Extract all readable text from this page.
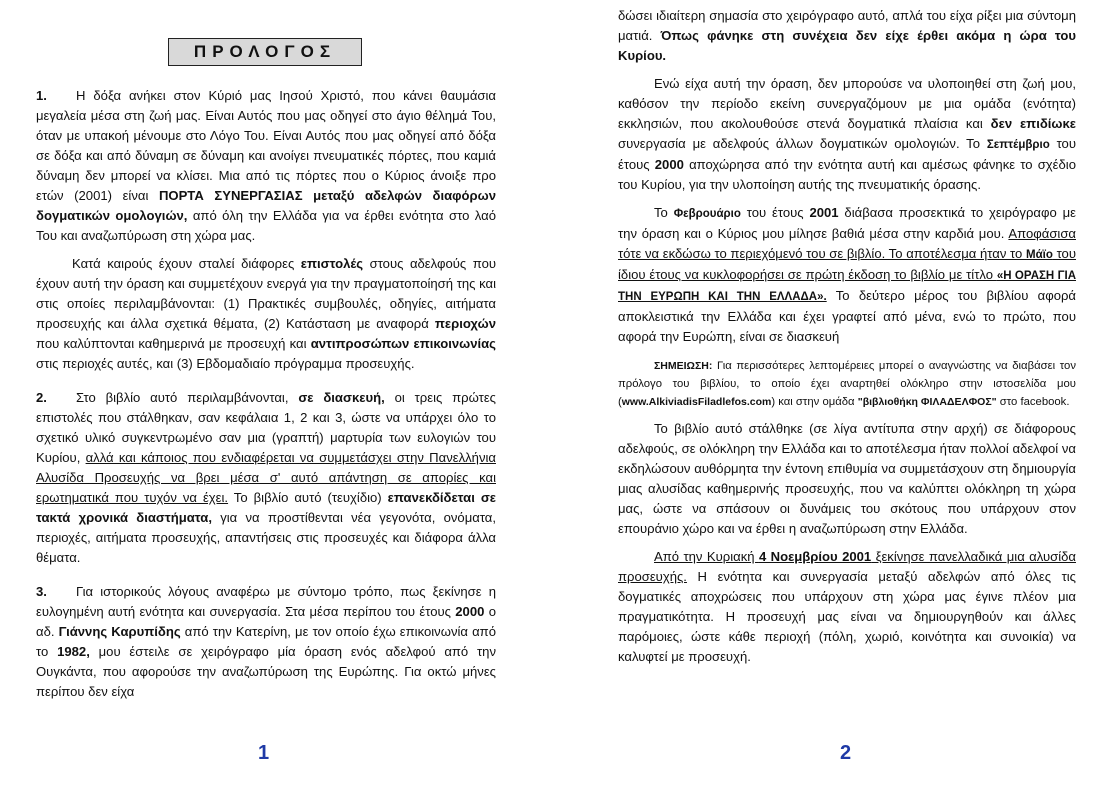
ΠΡΟΛΟΓΟΣ

1. Η δόξα ανήκει στον Κύριό μας Ιησού Χριστό, που κάνει θαυμάσια μεγαλεία μέσα στη ζωή μας. Είναι Αυτός που μας οδηγεί στο άγιο θέλημά Του, όταν με υπακοή μένουμε στο Λόγο Του. Είναι Αυτός που μας οδηγεί από δόξα σε δόξα και από δύναμη σε δύναμη και ανοίγει πνευματικές πόρτες, που καμιά δύναμη δεν μπορεί να κλίσει. Μια από τις πόρτες που ο Κύριος άνοιξε προ ετών (2001) είναι ΠΟΡΤΑ ΣΥΝΕΡΓΑΣΙΑΣ μεταξύ αδελφών διαφόρων δογματικών ομολογιών, από όλη την Ελλάδα για να έρθει ενότητα στο λαό Του και αναζωπύρωση στη χώρα μας.

Κατά καιρούς έχουν σταλεί διάφορες επιστολές στους αδελφούς που έχουν αυτή την όραση και συμμετέχουν ενεργά για την πραγματοποίησή της και στις οποίες περιλαμβάνονται: (1) Πρακτικές συμβουλές, οδηγίες, αιτήματα προσευχής και άλλα σχετικά θέματα, (2) Κατάσταση με αναφορά περιοχών που καλύπτονται καθημερινά με προσευχή και αντιπροσώπων επικοινωνίας στις περιοχές αυτές, και (3) Εβδομαδιαίο πρόγραμμα προσευχής.

2. Στο βιβλίο αυτό περιλαμβάνονται, σε διασκευή, οι τρεις πρώτες επιστολές που στάλθηκαν, σαν κεφάλαια 1, 2 και 3, ώστε να υπάρχει όλο το σχετικό υλικό συγκεντρωμένο σαν μια (γραπτή) μαρτυρία των ευλογιών του Κυρίου, αλλά και κάποιος που ενδιαφέρεται να συμμετάσχει στην Πανελλήνια Αλυσίδα Προσευχής να βρει μέσα σ' αυτό απάντηση σε απορίες και ερωτηματικά που τυχόν να έχει. Το βιβλίο αυτό (τευχίδιο) επανεκδίδεται σε τακτά χρονικά διαστήματα, για να προστίθενται νέα γεγονότα, ονόματα, περιοχές, αιτήματα προσευχής, απαντήσεις στις προσευχές και διάφορα άλλα θέματα.

3. Για ιστορικούς λόγους αναφέρω με σύντομο τρόπο, πως ξεκίνησε η ευλογημένη αυτή ενότητα και συνεργασία. Στα μέσα περίπου του έτους 2000 ο αδ. Γιάννης Καρυπίδης από την Κατερίνη, με τον οποίο έχω επικοινωνία από το 1982, μου έστειλε σε χειρόγραφο μία όραση ενός αδελφού από την Ουγκάντα, που αφορούσε την αναζωπύρωση της Ευρώπης. Για οκτώ μήνες περίπου δεν είχα

1

δώσει ιδιαίτερη σημασία στο χειρόγραφο αυτό, απλά του είχα ρίξει μια σύντομη ματιά. Όπως φάνηκε στη συνέχεια δεν είχε έρθει ακόμα η ώρα του Κυρίου.

Ενώ είχα αυτή την όραση, δεν μπορούσε να υλοποιηθεί στη ζωή μου, καθόσον την περίοδο εκείνη συνεργαζόμουν με μια ομάδα (ενότητα) εκκλησιών, που ακολουθούσε στενά δογματικά πλαίσια και δεν επιδίωκε συνεργασία με αδελφούς άλλων δογματικών ομολογιών. Το Σεπτέμβριο του έτους 2000 αποχώρησα από την ενότητα αυτή και αμέσως φάνηκε το σχέδιο του Κυρίου, για την υλοποίηση αυτής της πνευματικής όρασης.

Το Φεβρουάριο του έτους 2001 διάβασα προσεκτικά το χειρόγραφο με την όραση και ο Κύριος μου μίλησε βαθιά μέσα στην καρδιά μου. Αποφάσισα τότε να εκδώσω το περιεχόμενό του σε βιβλίο. Το αποτέλεσμα ήταν το Μάϊο του ίδιου έτους να κυκλοφορήσει σε πρώτη έκδοση το βιβλίο με τίτλο «Η ΟΡΑΣΗ ΓΙΑ ΤΗΝ ΕΥΡΩΠΗ ΚΑΙ ΤΗΝ ΕΛΛΑΔΑ». Το δεύτερο μέρος του βιβλίου αφορά αποκλειστικά την Ελλάδα και έχει γραφτεί από μένα, ενώ το πρώτο, που αφορά την Ευρώπη, είναι σε διασκευή

ΣΗΜΕΙΩΣΗ: Για περισσότερες λεπτομέρειες μπορεί ο αναγνώστης να διαβάσει τον πρόλογο του βιβλίου, το οποίο έχει αναρτηθεί ολόκληρο στην ιστοσελίδα μου (www.AlkiviadisFiladlefos.com) και στην ομάδα "βιβλιοθήκη ΦΙΛΑΔΕΛΦΟΣ" στο facebook.

Το βιβλίο αυτό στάλθηκε (σε λίγα αντίτυπα στην αρχή) σε διάφορους αδελφούς, σε ολόκληρη την Ελλάδα και το αποτέλεσμα ήταν πολλοί αδελφοί να εκδηλώσουν αυθόρμητα την έντονη επιθυμία να συμμετάσχουν στη δημιουργία μιας αλυσίδας καθημερινής προσευχής, που να καλύπτει ολόκληρη τη χώρα μας, ώστε να σπάσουν οι δυνάμεις του σκότους που υπάρχουν στον επουράνιο χώρο και να έρθει η αναζωπύρωση στην Ελλάδα.

Από την Κυριακή 4 Νοεμβρίου 2001 ξεκίνησε πανελλαδικά μια αλυσίδα προσευχής. Η ενότητα και συνεργασία μεταξύ αδελφών από όλες τις δογματικές αποχρώσεις που υπάρχουν στη χώρα μας έγινε πλέον μια πραγματικότητα. Η προσευχή μας είναι να δημιουργηθούν και άλλες παρόμοιες, ώστε κάθε περιοχή (πόλη, χωριό, κοινότητα και συνοικία) να καλυφτεί με προσευχή.

2
